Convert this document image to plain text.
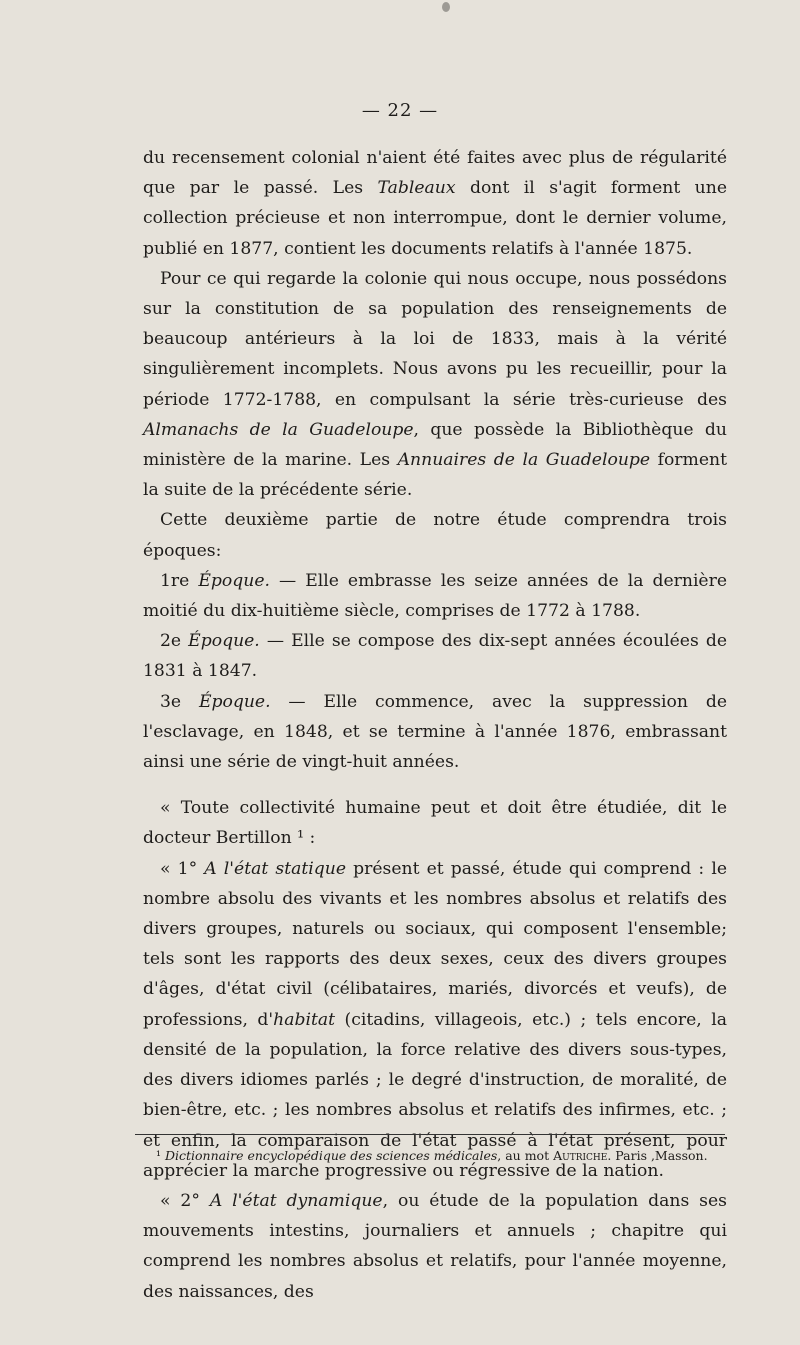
— 22 —

du recensement colonial n'aient été faites avec plus de régularité que par le passé. Les Tableaux dont il s'agit forment une collection précieuse et non interrompue, dont le dernier volume, publié en 1877, contient les documents relatifs à l'année 1875.

Pour ce qui regarde la colonie qui nous occupe, nous possédons sur la constitution de sa population des renseignements de beaucoup antérieurs à la loi de 1833, mais à la vérité singulièrement incomplets. Nous avons pu les recueillir, pour la période 1772-1788, en compulsant la série très-curieuse des Almanachs de la Guadeloupe, que possède la Bibliothèque du ministère de la marine. Les Annuaires de la Guadeloupe forment la suite de la précédente série.

Cette deuxième partie de notre étude comprendra trois époques:

1re Époque. — Elle embrasse les seize années de la dernière moitié du dix-huitième siècle, comprises de 1772 à 1788.

2e Époque. — Elle se compose des dix-sept années écoulées de 1831 à 1847.

3e Époque. — Elle commence, avec la suppression de l'esclavage, en 1848, et se termine à l'année 1876, embrassant ainsi une série de vingt-huit années.

« Toute collectivité humaine peut et doit être étudiée, dit le docteur Bertillon ¹ :

« 1° A l'état statique présent et passé, étude qui comprend : le nombre absolu des vivants et les nombres absolus et relatifs des divers groupes, naturels ou sociaux, qui composent l'ensemble; tels sont les rapports des deux sexes, ceux des divers groupes d'âges, d'état civil (célibataires, mariés, divorcés et veufs), de professions, d'habitat (citadins, villageois, etc.) ; tels encore, la densité de la population, la force relative des divers sous-types, des divers idiomes parlés ; le degré d'instruction, de moralité, de bien-être, etc. ; les nombres absolus et relatifs des infirmes, etc. ; et enfin, la comparaison de l'état passé à l'état présent, pour apprécier la marche progressive ou régressive de la nation.

« 2° A l'état dynamique, ou étude de la population dans ses mouvements intestins, journaliers et annuels ; chapitre qui comprend les nombres absolus et relatifs, pour l'année moyenne, des naissances, des

¹ Dictionnaire encyclopédique des sciences médicales, au mot Autriche. Paris ,Masson.
